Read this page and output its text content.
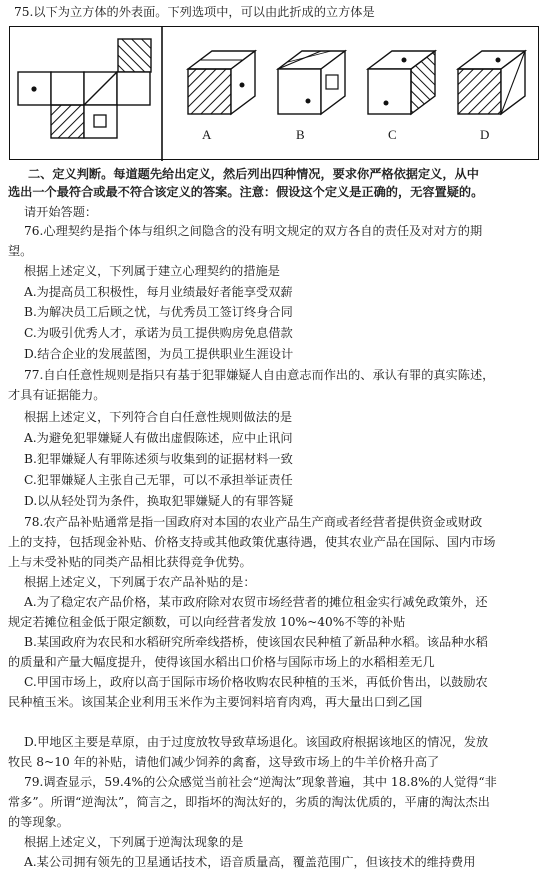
75.以下为立方体的外表面。下列选项中，可以由此折成的立方体是
A	B	C	D
二、定义判断。每道题先给出定义，然后列出四种情况，要求你严格依据定义，从中
选出一个最符合或最不符合该定义的答案。注意：假设这个定义是正确的，无容置疑的。
请开始答题：
76.心理契约是指个体与组织之间隐含的没有明文规定的双方各自的责任及对对方的期
望。
根据上述定义，下列属于建立心理契约的措施是
A.为提高员工积极性，每月业绩最好者能享受双薪
B.为解决员工后顾之忧，与优秀员工签订终身合同
C.为吸引优秀人才，承诺为员工提供购房免息借款
D.结合企业的发展蓝图，为员工提供职业生涯设计
77.自白任意性规则是指只有基于犯罪嫌疑人自由意志而作出的、承认有罪的真实陈述，
才具有证据能力。
根据上述定义，下列符合自白任意性规则做法的是
A.为避免犯罪嫌疑人有做出虚假陈述，应中止讯问
B.犯罪嫌疑人有罪陈述须与收集到的证据材料一致
C.犯罪嫌疑人主张自己无罪，可以不承担举证责任
D.以从轻处罚为条件，换取犯罪嫌疑人的有罪答疑
78.农产品补贴通常是指一国政府对本国的农业产品生产商或者经营者提供资金或财政
上的支持，包括现金补贴、价格支持或其他政策优惠待遇，使其农业产品在国际、国内市场
上与未受补贴的同类产品相比获得竞争优势。
根据上述定义，下列属于农产品补贴的是：
A.为了稳定农产品价格，某市政府除对农贸市场经营者的摊位租金实行减免政策外，还
规定若摊位租金低于限定额数，可以向经营者发放 10%~40%不等的补贴
B.某国政府为农民和水稻研究所牵线搭桥，使该国农民种植了新品种水稻。该品种水稻
的质量和产量大幅度提升，使得该国水稻出口价格与国际市场上的水稻相差无几
C.甲国市场上，政府以高于国际市场价格收购农民种植的玉米，再低价售出，以鼓励农
民种植玉米。该国某企业利用玉米作为主要饲料培育肉鸡，再大量出口到乙国
D.甲地区主要是草原，由于过度放牧导致草场退化。该国政府根据该地区的情况，发放
牧民 8~10 年的补贴，请他们减少饲养的禽畜，这导致市场上的牛羊价格升高了
79.调查显示，59.4%的公众感觉当前社会“逆淘汰”现象普遍，其中 18.8%的人觉得“非
常多”。所谓“逆淘汰”，简言之，即指坏的淘汰好的，劣质的淘汰优质的，平庸的淘汰杰出
的等现象。
根据上述定义，下列属于逆淘汰现象的是
A.某公司拥有领先的卫星通话技术，语音质量高，覆盖范围广，但该技术的维持费用
